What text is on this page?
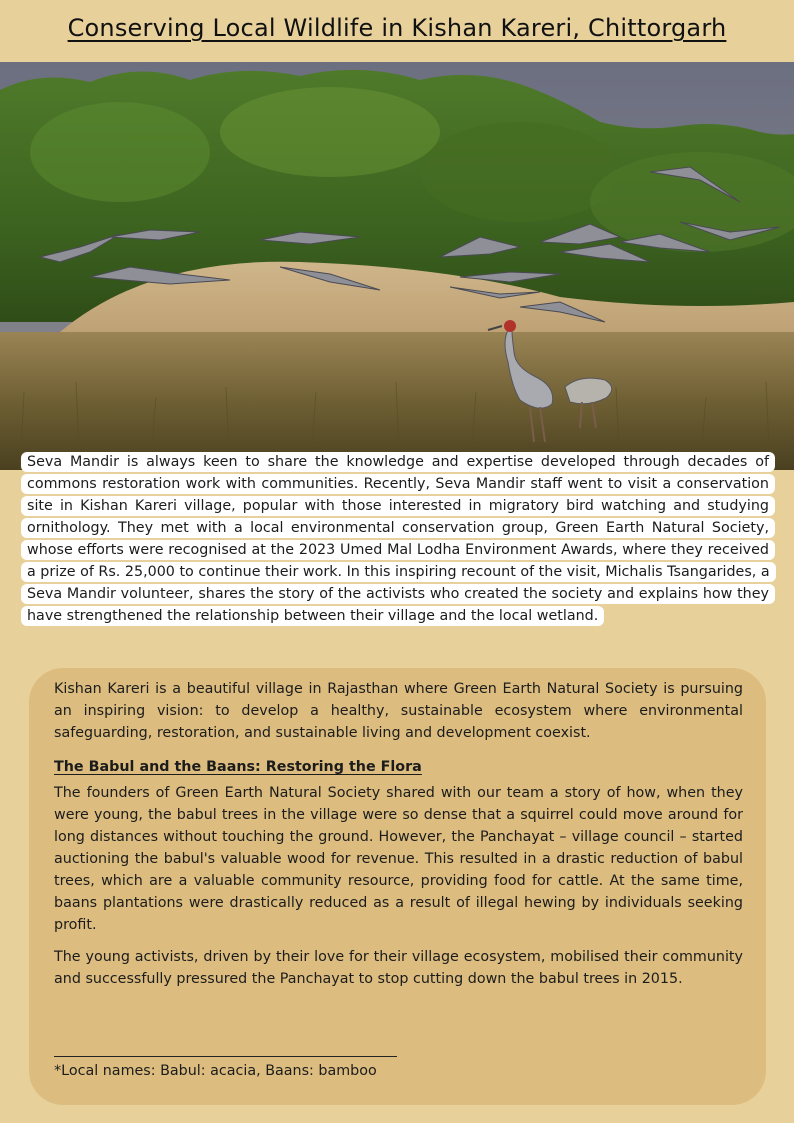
Conserving Local Wildlife in Kishan Kareri, Chittorgarh
Seva Mandir is always keen to share the knowledge and expertise developed through decades of commons restoration work with communities. Recently, Seva Mandir staff went to visit a conservation site in Kishan Kareri village, popular with those interested in migratory bird watching and studying ornithology. They met with a local environmental conservation group, Green Earth Natural Society, whose efforts were recognised at the 2023 Umed Mal Lodha Environment Awards, where they received a prize of Rs. 25,000 to continue their work. In this inspiring recount of the visit, Michalis Tsangarides, a Seva Mandir volunteer, shares the story of the activists who created the society and explains how they have strengthened the relationship between their village and the local wetland.

Kishan Kareri is a beautiful village in Rajasthan where Green Earth Natural Society is pursuing an inspiring vision: to develop a healthy, sustainable ecosystem where environmental safeguarding, restoration, and sustainable living and development coexist.

The Babul and the Baans: Restoring the Flora

The founders of Green Earth Natural Society shared with our team a story of how, when they were young, the babul trees in the village were so dense that a squirrel could move around for long distances without touching the ground. However, the Panchayat – village council – started auctioning the babul's valuable wood for revenue. This resulted in a drastic reduction of babul trees, which are a valuable community resource, providing food for cattle. At the same time, baans plantations were drastically reduced as a result of illegal hewing by individuals seeking profit.

The young activists, driven by their love for their village ecosystem, mobilised their community and successfully pressured the Panchayat to stop cutting down the babul trees in 2015.

*Local names: Babul: acacia, Baans: bamboo
